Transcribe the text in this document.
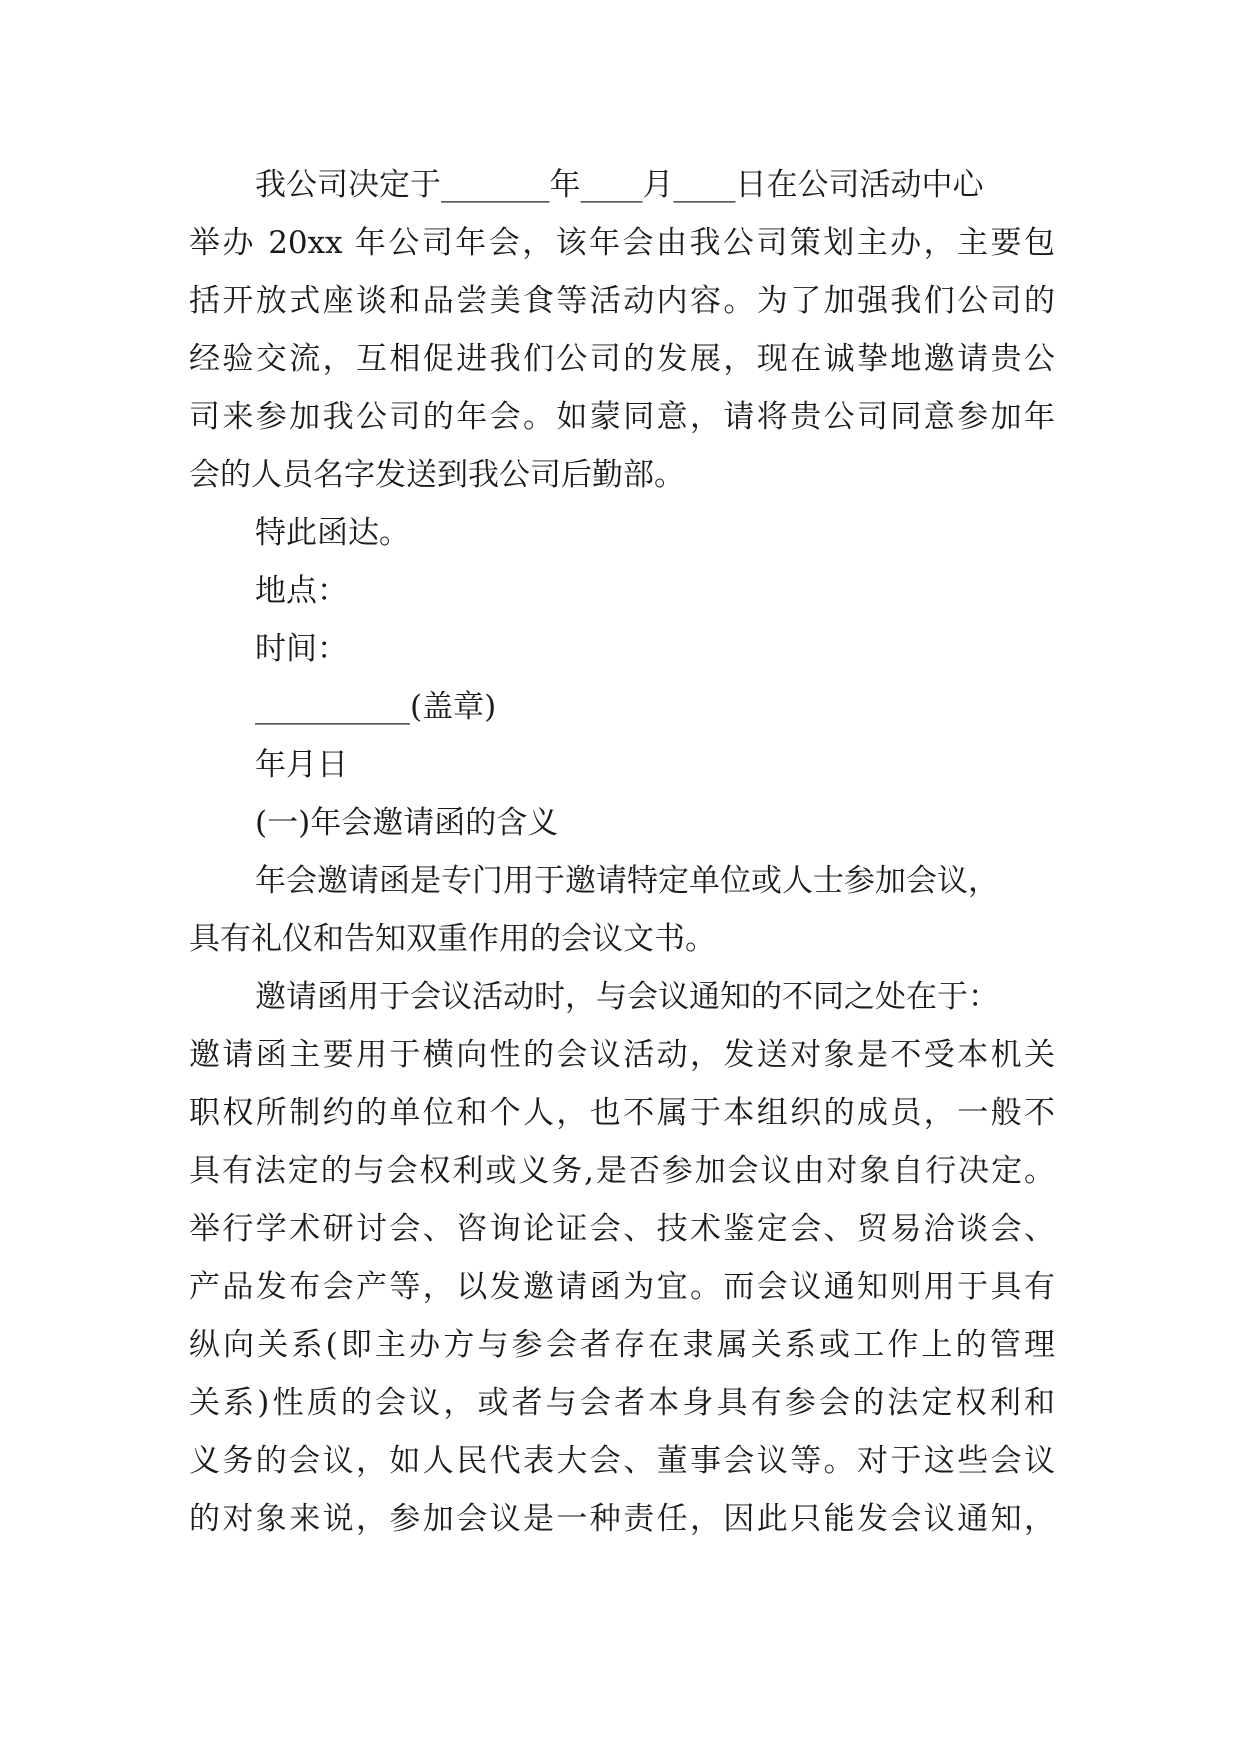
我公司决定于_______年____月____日在公司活动中心
举办 20xx 年公司年会，该年会由我公司策划主办，主要包
括开放式座谈和品尝美食等活动内容。为了加强我们公司的
经验交流，互相促进我们公司的发展，现在诚挚地邀请贵公
司来参加我公司的年会。如蒙同意，请将贵公司同意参加年
会的人员名字发送到我公司后勤部。
特此函达。
地点：
时间：
__________(盖章)
年月日
(一)年会邀请函的含义
年会邀请函是专门用于邀请特定单位或人士参加会议，
具有礼仪和告知双重作用的会议文书。
邀请函用于会议活动时，与会议通知的不同之处在于：
邀请函主要用于横向性的会议活动，发送对象是不受本机关
职权所制约的单位和个人，也不属于本组织的成员，一般不
具有法定的与会权利或义务,是否参加会议由对象自行决定。
举行学术研讨会、咨询论证会、技术鉴定会、贸易洽谈会、
产品发布会产等，以发邀请函为宜。而会议通知则用于具有
纵向关系(即主办方与参会者存在隶属关系或工作上的管理
关系)性质的会议，或者与会者本身具有参会的法定权利和
义务的会议，如人民代表大会、董事会议等。对于这些会议
的对象来说，参加会议是一种责任，因此只能发会议通知，
